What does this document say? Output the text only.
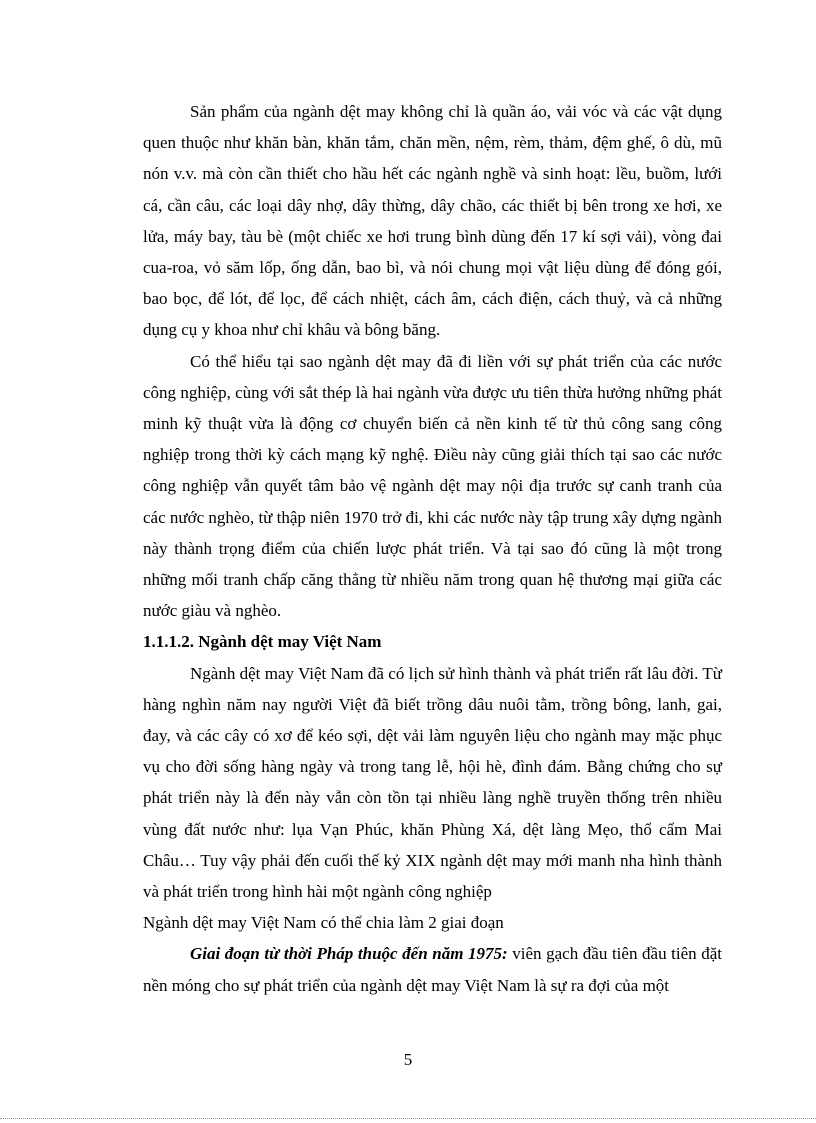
Sản phẩm của ngành dệt may không chỉ là quần áo, vải vóc và các vật dụng quen thuộc như khăn bàn, khăn tắm, chăn mền, nệm, rèm, thảm, đệm ghế, ô dù, mũ nón v.v. mà còn cần thiết cho hầu hết các ngành nghề và sinh hoạt: lều, buồm, lưới cá, cần câu, các loại dây nhợ, dây thừng, dây chão, các thiết bị bên trong xe hơi, xe lửa, máy bay, tàu bè (một chiếc xe hơi trung bình dùng đến 17 kí sợi vải), vòng đai cua-roa, vỏ săm lốp, ống dẫn, bao bì, và nói chung mọi vật liệu dùng để đóng gói, bao bọc, để lót, để lọc, để cách nhiệt, cách âm, cách điện, cách thuỷ, và cả những dụng cụ y khoa như chỉ khâu và bông băng.

Có thể hiểu tại sao ngành dệt may đã đi liền với sự phát triển của các nước công nghiệp, cùng với sắt thép là hai ngành vừa được ưu tiên thừa hưởng những phát minh kỹ thuật vừa là động cơ chuyển biến cả nền kinh tế từ thủ công sang công nghiệp trong thời kỳ cách mạng kỹ nghệ. Điều này cũng giải thích tại sao các nước công nghiệp vẫn quyết tâm bảo vệ ngành dệt may nội địa trước sự canh tranh của các nước nghèo, từ thập niên 1970 trở đi, khi các nước này tập trung xây dựng ngành này thành trọng điểm của chiến lược phát triển. Và tại sao đó cũng là một trong những mối tranh chấp căng thẳng từ nhiều năm trong quan hệ thương mại giữa các nước giàu và nghèo.

1.1.1.2. Ngành dệt may Việt Nam

Ngành dệt may Việt Nam đã có lịch sử hình thành và phát triển rất lâu đời. Từ hàng nghìn năm nay người Việt đã biết trồng dâu nuôi tằm, trồng bông, lanh, gai, đay, và các cây có xơ để kéo sợi, dệt vải làm nguyên liệu cho ngành may mặc phục vụ cho đời sống hàng ngày và trong tang lễ, hội hè, đình đám. Bằng chứng cho sự phát triển này là đến này vẫn còn tồn tại nhiều làng nghề truyền thống trên nhiều vùng đất nước như: lụa Vạn Phúc, khăn Phùng Xá, dệt làng Mẹo, thổ cẩm Mai Châu… Tuy vậy phải đến cuối thế kỷ XIX ngành dệt may mới manh nha hình thành và phát triển trong hình hài một ngành công nghiệp

Ngành dệt may Việt Nam có thể chia làm 2 giai đoạn

Giai đoạn từ thời Pháp thuộc đến năm 1975: viên gạch đầu tiên đầu tiên đặt nền móng cho sự phát triển của ngành dệt may Việt Nam là sự ra đợi của một

5
